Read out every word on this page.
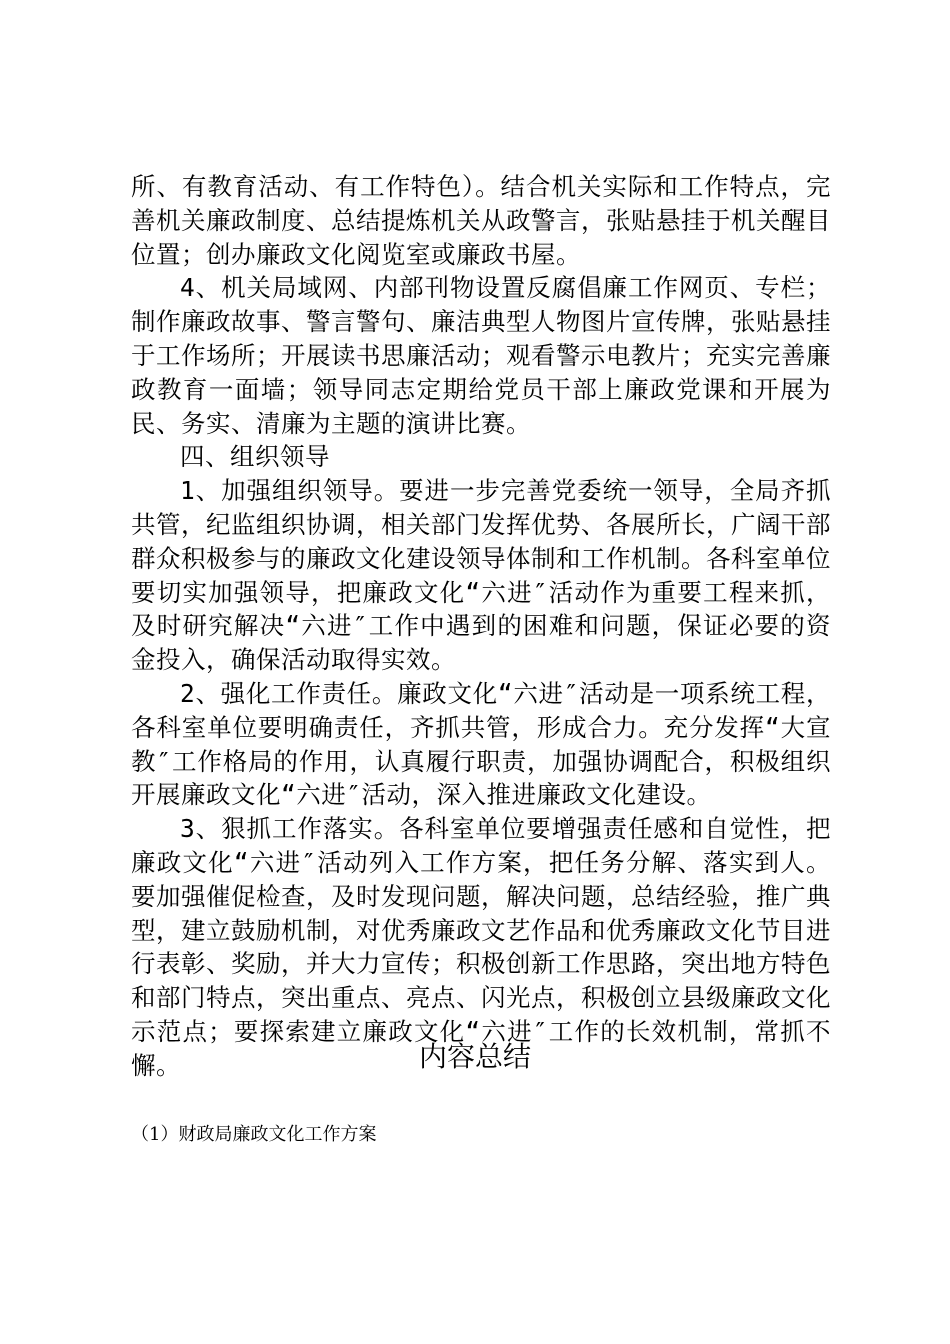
所、有教育活动、有工作特色）。结合机关实际和工作特点，完善机关廉政制度、总结提炼机关从政警言，张贴悬挂于机关醒目位置；创办廉政文化阅览室或廉政书屋。

4、机关局域网、内部刊物设置反腐倡廉工作网页、专栏；制作廉政故事、警言警句、廉洁典型人物图片宣传牌，张贴悬挂于工作场所；开展读书思廉活动；观看警示电教片；充实完善廉政教育一面墙；领导同志定期给党员干部上廉政党课和开展为民、务实、清廉为主题的演讲比赛。

四、组织领导

1、加强组织领导。要进一步完善党委统一领导，全局齐抓共管，纪监组织协调，相关部门发挥优势、各展所长，广阔干部群众积极参与的廉政文化建设领导体制和工作机制。各科室单位要切实加强领导，把廉政文化“六进″活动作为重要工程来抓，及时研究解决“六进″工作中遇到的困难和问题，保证必要的资金投入，确保活动取得实效。

2、强化工作责任。廉政文化“六进″活动是一项系统工程，各科室单位要明确责任，齐抓共管，形成合力。充分发挥“大宣教″工作格局的作用，认真履行职责，加强协调配合，积极组织开展廉政文化“六进″活动，深入推进廉政文化建设。

3、狠抓工作落实。各科室单位要增强责任感和自觉性，把廉政文化“六进″活动列入工作方案，把任务分解、落实到人。要加强催促检查，及时发现问题，解决问题，总结经验，推广典型，建立鼓励机制，对优秀廉政文艺作品和优秀廉政文化节目进行表彰、奖励，并大力宣传；积极创新工作思路，突出地方特色和部门特点，突出重点、亮点、闪光点，积极创立县级廉政文化示范点；要探索建立廉政文化“六进″工作的长效机制，常抓不懈。	内容总结

（1）财政局廉政文化工作方案
